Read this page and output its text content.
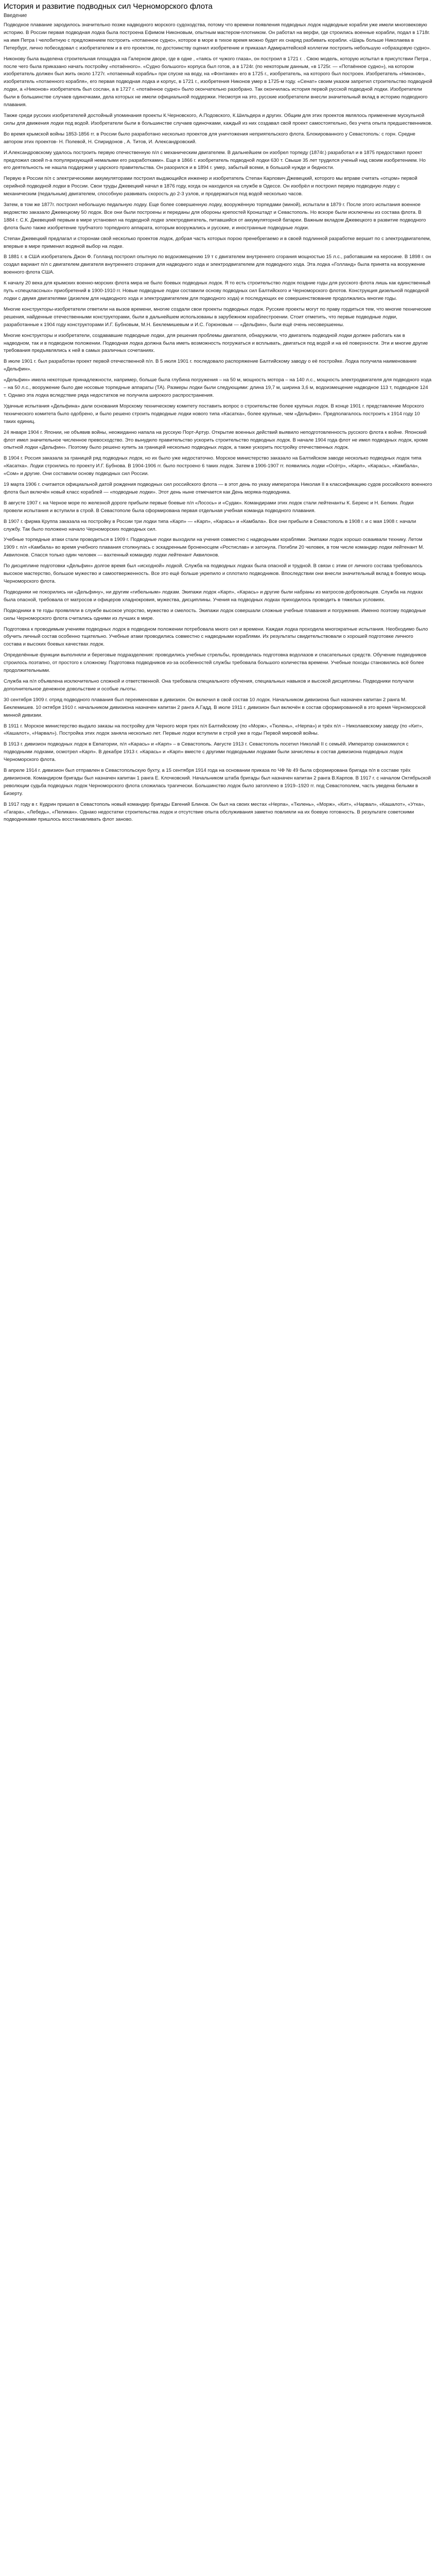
История и развитие подводных сил Черноморского флота
Введение

Подводное плавание зародилось значительно позже надводного морского судоходства, потому что времени появления подводных лодок надводные корабли уже имели многовековую историю. В России первая подводная лодка была построена Ефимом Никоновым, опытным мастером-плотником. Он работал на верфи, где строились военные корабли, подал в 1718г. на имя Петра I челобитную с предложением построить «потаенное судно», которое в море в тихое время можно будет их снаряд разбивать корабли. «Шарь больше Николаева в Петербург, лично побеседовал с изобретателем и в его проектом, по достоинству оценил изобретение и приказал Адмиралтейской коллегии построить небольшую «образцовую судно».

Никонову была выделена строительная площадка на Галерном дворе, где в одне , «таясь от чужого глаза», он построил в 1721 г. . Свою модель, которую испытал в присутствии Петра , после чего была приказано начать постройку «потаённого». «Судно большого» корпуса был готов, а в 1724г. (по некоторым данным, «в 1725г. — «Потаённое судно»), на котором изобретатель должен был жить около 1727г. «потаенный корабль» при спуске на воду, на «Фонтанке» его в 1725 г., изобретатель, на которого был построен. Изобретатель «Никонов», изобретатель «потаенного корабля», его первая подводная лодка и корпус, в 1721 г., изобретения Никонов умер в 1725-м году. «Сенат» своим указом запретил строительство подводной лодки, а «Никонов» изобретатель был сослан, а в 1727 г. «потаённое судно» было окончательно разобрано. Так окончилась история первой русской подводной лодки. Изобретатели были в большинстве случаев одиночками, дела которых не имели официальной поддержки. Несмотря на это, русские изобретатели внесли значительный вклад в историю подводного плавания.

Также среди русских изобретателей достойный упоминания проекты К.Черновского, А.Подовского, К.Шильдера и других. Общим для этих проектов являлось применение мускульной силы для движения лодки под водой. Изобретатели были в большинстве случаев одиночками, каждый из них создавал свой проект самостоятельно, без учета опыта предшественников.

Во время крымской войны 1853-1856 гг. в России было разработано несколько проектов для уничтожения неприятельского флота. Блокированного у Севастополь: с горн. Средне автором этих проектов- Н. Полевой, Н. Спиридонов , А. Титов, И. Александровский.

И.Александровскому удалось построить первую отечественную п/л с механическим двигателем. В дальнейшем он изобрел торпеду (1874г.) разработал и в 1875 предоставил проект предложил своей п-а популяризующей немалыми его разработками». Еще в 1866 г. изобретатель подводной лодки 630 т. Свыше 35 лет трудился ученый над своим изобретением. Но его деятельность не нашла поддержки у царского правительства. Он разорился и в 1894 г. умер, забытый всеми, в большой нужде и бедности.

Первую в России п/л с электрическими аккумуляторами построил выдающийся инженер и изобретатель Степан Карлович Джевецкий, которого мы вправе считать «отцом» первой серийной подводной лодки в России. Свои труды Джевецкий начал в 1876 году, когда он находился на службе в Одессе. Он изобрёл и построил первую подводную лодку с механическим (педальным) двигателем, способную развивать скорость до 2-3 узлов, и продержаться под водой несколько часов.

Затем, в том же 1877г. построил небольшую педальную лодку. Еще более совершенную лодку, вооружённую торпедами (миной), испытали в 1879 г. После этого испытания военное ведомство заказало Джевецкому 50 лодок. Все они были построены и переданы для обороны крепостей Кронштадт и Севастополь. Но вскоре были исключены из состава флота. В 1884 г. С.К. Джевецкий первым в мире установил на подводной лодке электродвигатель, питавшийся от аккумуляторной батареи. Важным вкладом Джевецкого в развитие подводного флота было также изобретение трубчатого торпедного аппарата, которым вооружались и русские, и иностранные подводные лодки.

Степан Джевецкий предлагал и сторонам свой несколько проектов лодок, добрая часть которых порою пренебрегаемо и в своей подлинной разработке вершит по с электродвигателем, впервые в мире применил водяной выбор на лодке.

В 1881 г. в США изобретатель Джон Ф. Голланд построил опытную по водоизмещению 19 т с двигателем внутреннего сгорания мощностью 15 л.с., работавшим на керосине. В 1898 г. он создал вариант п/л с двигателем двигателя внутреннего сгорания для надводного хода и электродвигателем для подводного хода. Эта лодка «Голланд» была принята на вооружение военного флота США.

К началу 20 века для крымских военно-морских флота мира не было боевых подводных лодок. Я то есть строительство лодок поздние годы для русского флота лишь как единственный путь «спецклассных» приобретений в 1900-1910 гг. Новые подводные лодки составили основу подводных сил Балтийского и Черноморского флотов. Конструкция дизельной подводной лодки с двумя двигателями (дизелем для надводного хода и электродвигателем для подводного хода) и последующих ее совершенствование продолжались многие годы.

Многие конструкторы-изобретатели ответили на вызов времени, многие создали свои проекты подводных лодок. Русские проекты могут по праву гордиться тем, что многие технические решения, найденные отечественными конструкторами, были в дальнейшем использованы в зарубежном кораблестроении. Стоит отметить, что первые подводные лодки, разработанные к 1904 году конструкторами И.Г. Бубновым, М.Н. Беклемишевым и И.С. Горюновым — «Дельфин», были ещё очень несовершенны.

Многие конструкторы и изобретатели, создававшие подводные лодки, для решения проблемы двигателя, обнаружили, что двигатель подводной лодки должен работать как в надводном, так и в подводном положении. Подводная лодка должна была иметь возможность погружаться и всплывать, двигаться под водой и на её поверхности. Эти и многие другие требования предъявлялись к ней в самых различных сочетаниях.

В июле 1901 г. был разработан проект первой отечественной п/л. В 5 июля 1901 г. последовало распоряжение Балтийскому заводу о её постройке. Лодка получила наименование «Дельфин».

«Дельфин» имела некоторые принадлежности, например, больше была глубина погружения – на 50 м, мощность мотора – на 140 л.с., мощность электродвигателя для подводного хода – на 50 л.с., вооружение было две носовые торпедные аппараты (ТА). Размеры лодки были следующими: длина 19,7 м, ширина 3,6 м, водоизмещение надводное 113 т, подводное 124 т. Однако эта лодка вследствие ряда недостатков не получила широкого распространения.

Удачные испытания «Дельфина» дали основания Морскому техническому комитету поставить вопрос о строительстве более крупных лодок. В конце 1901 г. представление Морского технического комитета было одобрено, и было решено строить подводные лодки нового типа «Касатка», более крупные, чем «Дельфин». Предполагалось построить к 1914 году 10 таких единиц.

24 января 1904 г. Японии, не объявив войны, неожиданно напала на русскую Порт-Артур. Открытие военных действий выявило неподготовленность русского флота к войне. Японский флот имел значительное численное превосходство. Это вынудило правительство ускорить строительство подводных лодок. В начале 1904 года флот не имел подводных лодок, кроме опытной лодки «Дельфин». Поэтому было решено купить за границей несколько подводных лодок, а также ускорить постройку отечественных лодок.

В 1904 г. Россия заказала за границей ряд подводных лодок, но их было уже недостаточно. Морское министерство заказало на Балтийском заводе несколько подводных лодок типа «Касатка». Лодки строились по проекту И.Г. Бубнова. В 1904-1906 гг. было построено 6 таких лодок. Затем в 1906-1907 гг. появились лодки «Осётр», «Карп», «Карась», «Камбала», «Сом» и другие. Они составили основу подводных сил России.

19 марта 1906 г. считается официальной датой рождения подводных сил российского флота — в этот день по указу императора Николая II в классификацию судов российского военного флота был включён новый класс кораблей — «подводные лодки». Этот день ныне отмечается как День моряка-подводника.

В августе 1907 г. на Черное море по железной дороге прибыли первые боевые п/л «Лосось» и «Судак». Командирами этих лодок стали лейтенанты К. Беренс и Н. Белкин. Лодки провели испытания и вступили в строй. В Севастополе была сформирована первая отдельная учебная команда подводного плавания.

В 1907 г. фирма Круппа заказала на постройку в России три лодки типа «Карп» — «Карп», «Карась» и «Камбала». Все они прибыли в Севастополь в 1908 г. и с мая 1908 г. начали службу. Так было положено начало Черноморских подводных сил.

Учебные торпедные атаки стали проводиться в 1909 г. Подводные лодки выходили на учения совместно с надводными кораблями. Экипажи лодок хорошо осваивали технику. Летом 1909 г. п/л «Камбала» во время учебного плавания столкнулась с эскадренным броненосцем «Ростислав» и затонула. Погибли 20 человек, в том числе командир лодки лейтенант М. Аквилонов. Спасся только один человек — вахтенный командир лодки лейтенант Аквилонов.

По дисциплине подготовки «Дельфин» долгое время был «исходной» лодкой. Служба на подводных лодках была опасной и трудной. В связи с этим от личного состава требовалось высокое мастерство, большое мужество и самоотверженность. Все это ещё больше укрепило и сплотило подводников. Впоследствии они внесли значительный вклад в боевую мощь Черноморского флота.

Подводники не покорились ни «Дельфину», ни другим «гибельным» лодкам. Экипажи лодок «Карп», «Карась» и другие были набраны из матросов-добровольцев. Служба на лодках была опасной, требовала от матросов и офицеров хладнокровия, мужества, дисциплины. Учения на подводных лодках приходилось проводить в тяжелых условиях.

Подводники в те годы проявляли в службе высокое упорство, мужество и смелость. Экипажи лодок совершали сложные учебные плавания и погружения. Именно поэтому подводные силы Черноморского флота считались одними из лучших в мире.

Подготовка к проводимым учениям подводных лодок в подводном положении потребовала много сил и времени. Каждая лодка проходила многократные испытания. Необходимо было обучить личный состав особенно тщательно. Учебные атаки проводились совместно с надводными кораблями. Их результаты свидетельствовали о хорошей подготовке личного состава и высоких боевых качествах лодок.

Определённые функции выполняли и береговые подразделения: проводились учебные стрельбы, проводилась подготовка водолазов и спасательных средств. Обучение подводников строилось поэтапно, от простого к сложному. Подготовка подводников из-за особенностей службы требовала большого количества времени. Учебные походы становились всё более продолжительными.

Служба на п/л объявлена исключительно сложной и ответственной. Она требовала специального обучения, специальных навыков и высокой дисциплины. Подводники получали дополнительное денежное довольствие и особые льготы.

30 сентября 1909 г. отряд подводного плавания был переименован в дивизион. Он включил в свой состав 10 лодок. Начальником дивизиона был назначен капитан 2 ранга М. Беклемишев. 10 октября 1910 г. начальником дивизиона назначен капитан 2 ранга А.Гадд. В июле 1911 г. дивизион был включён в состав сформированной в это время Черноморской минной дивизии.

В 1911 г. Морское министерство выдало заказы на постройку для Черного моря трех п/л Балтийскому (по «Морж», «Тюлень», «Нерпа») и трёх п/л – Николаевскому заводу (по «Кит», «Кашалот», «Нарвал»). Постройка этих лодок заняла несколько лет. Первые лодки вступили в строй уже в годы Первой мировой войны.

В 1913 г. дивизион подводных лодок в Евпатории, п/л «Карась» и «Карп» – в Севастополь. Августе 1913 г. Севастополь посетил Николай II с семьёй. Император ознакомился с подводными лодками, осмотрел «Карп». В декабре 1913 г. «Карась» и «Карп» вместе с другими подводными лодками были зачислены в состав дивизиона подводных лодок Черноморского флота.

В апреле 1914 г. дивизион был отправлен в Севастопольскую бухту, а 15 сентября 1914 года на основании приказа по ЧФ № 49 была сформирована бригада п/л в составе трёх дивизионов. Командиром бригады был назначен капитан 1 ранга Е. Клочковский. Начальником штаба бригады был назначен капитан 2 ранга В.Карпов. В 1917 г. с началом Октябрьской революции судьба подводных лодок Черноморского флота сложилась трагически. Большинство лодок было затоплено в 1919–1920 гг. под Севастополем, часть уведена белыми в Бизерту.

В 1917 году в г. Кудрин пришел в Севастополь новый командир бригады Евгений Блинов. Он был на своих местах «Нерпа», «Тюлень», «Морж», «Кит», «Нарвал», «Кашалот», «Утка», «Гагара», «Лебедь», «Пеликан». Однако недостатки строительства лодок и отсутствие опыта обслуживания заметно повлияли на их боевую готовность. В результате советскими подводниками пришлось восстанавливать флот заново.
